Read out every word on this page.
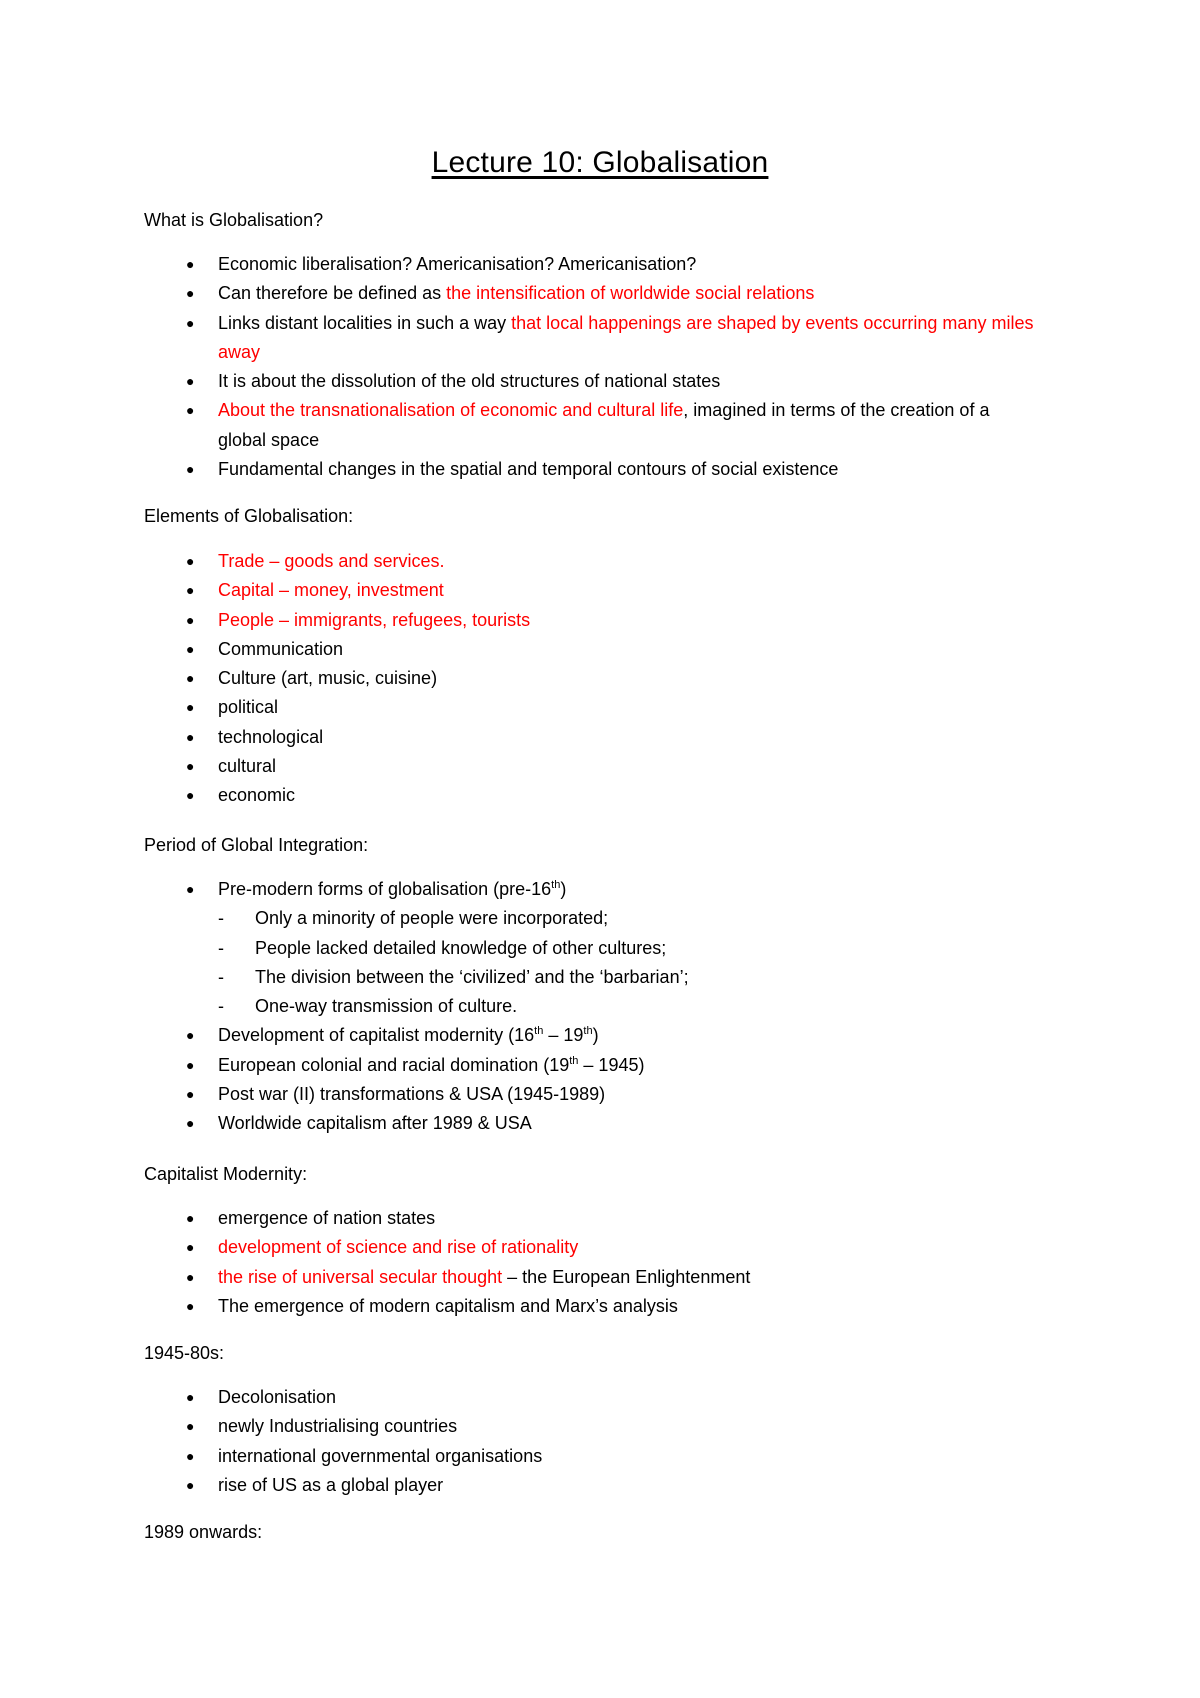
Lecture 10: Globalisation
What is Globalisation?
● Economic liberalisation? Americanisation? Americanisation?
● Can therefore be defined as the intensification of worldwide social relations
● Links distant localities in such a way that local happenings are shaped by events occurring many miles away
● It is about the dissolution of the old structures of national states
● About the transnationalisation of economic and cultural life, imagined in terms of the creation of a global space
● Fundamental changes in the spatial and temporal contours of social existence
Elements of Globalisation:
● Trade – goods and services.
● Capital – money, investment
● People – immigrants, refugees, tourists
● Communication
● Culture (art, music, cuisine)
● political
● technological
● cultural
● economic
Period of Global Integration:
● Pre-modern forms of globalisation (pre-16th)
- Only a minority of people were incorporated;
- People lacked detailed knowledge of other cultures;
- The division between the ‘civilized’ and the ‘barbarian’;
- One-way transmission of culture.
● Development of capitalist modernity (16th – 19th)
● European colonial and racial domination (19th – 1945)
● Post war (II) transformations & USA (1945-1989)
● Worldwide capitalism after 1989 & USA
Capitalist Modernity:
● emergence of nation states
● development of science and rise of rationality
● the rise of universal secular thought – the European Enlightenment
● The emergence of modern capitalism and Marx’s analysis
1945-80s:
● Decolonisation
● newly Industrialising countries
● international governmental organisations
● rise of US as a global player
1989 onwards:
